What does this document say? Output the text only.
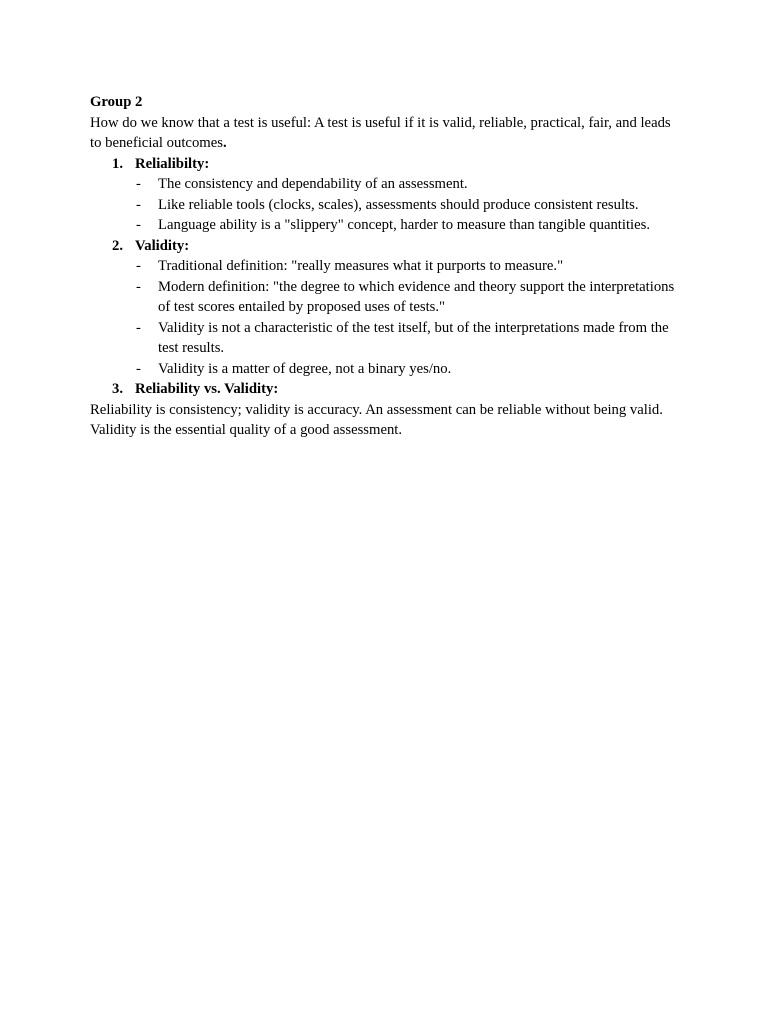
Group 2
How do we know that a test is useful: A test is useful if it is valid, reliable, practical, fair, and leads to beneficial outcomes.
1. Relialibilty:
- The consistency and dependability of an assessment.
- Like reliable tools (clocks, scales), assessments should produce consistent results.
- Language ability is a "slippery" concept, harder to measure than tangible quantities.
2. Validity:
- Traditional definition: "really measures what it purports to measure."
- Modern definition: "the degree to which evidence and theory support the interpretations of test scores entailed by proposed uses of tests."
- Validity is not a characteristic of the test itself, but of the interpretations made from the test results.
- Validity is a matter of degree, not a binary yes/no.
3. Reliability vs. Validity:

Reliability is consistency; validity is accuracy. An assessment can be reliable without being valid.

Validity is the essential quality of a good assessment.
